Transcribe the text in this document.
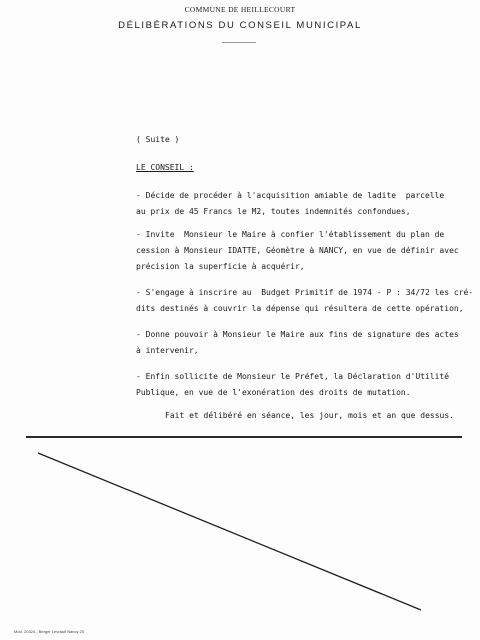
COMMUNE DE HEILLECOURT
DÉLIBÉRATIONS DU CONSEIL MUNICIPAL
( Suite )
LE CONSEIL :
- Décide de procéder à l'acquisition amiable de ladite  parcelle
au prix de 45 Francs le M2, toutes indemnités confondues,
- Invite  Monsieur le Maire à confier l'établissement du plan de
cession à Monsieur IDATTE, Géomètre à NANCY, en vue de définir avec
précision la superficie à acquérir,
- S'engage à inscrire au  Budget Primitif de 1974 - P : 34/72 les cré-
dits destinés à couvrir la dépense qui résultera de cette opération,
- Donne pouvoir à Monsieur le Maire aux fins de signature des actes
à intervenir,
- Enfin sollicite de Monsieur le Préfet, la Déclaration d'Utilité
Publique, en vue de l'exonération des droits de mutation.
Fait et délibéré en séance, les jour, mois et an que dessus.
Mod. 20324 - Berger Levrault Nancy 20
